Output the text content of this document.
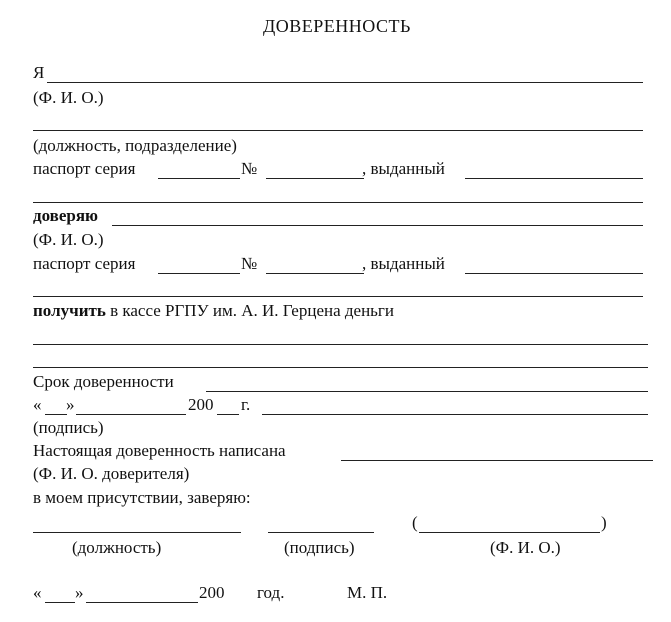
ДОВЕРЕННОСТЬ
Я
(Ф. И. О.)
(должность, подразделение)
паспорт серия	№	, выданный
доверяю
(Ф. И. О.)
паспорт серия	№	, выданный
получить в кассе РГПУ им. А. И. Герцена деньги
Срок доверенности
« »	200 г.
(подпись)
Настоящая доверенность написана
(Ф. И. О. доверителя)
в моем присутствии, заверяю:
(	)
(должность)	(подпись)	(Ф. И. О.)
« »	200 год.	М. П.
